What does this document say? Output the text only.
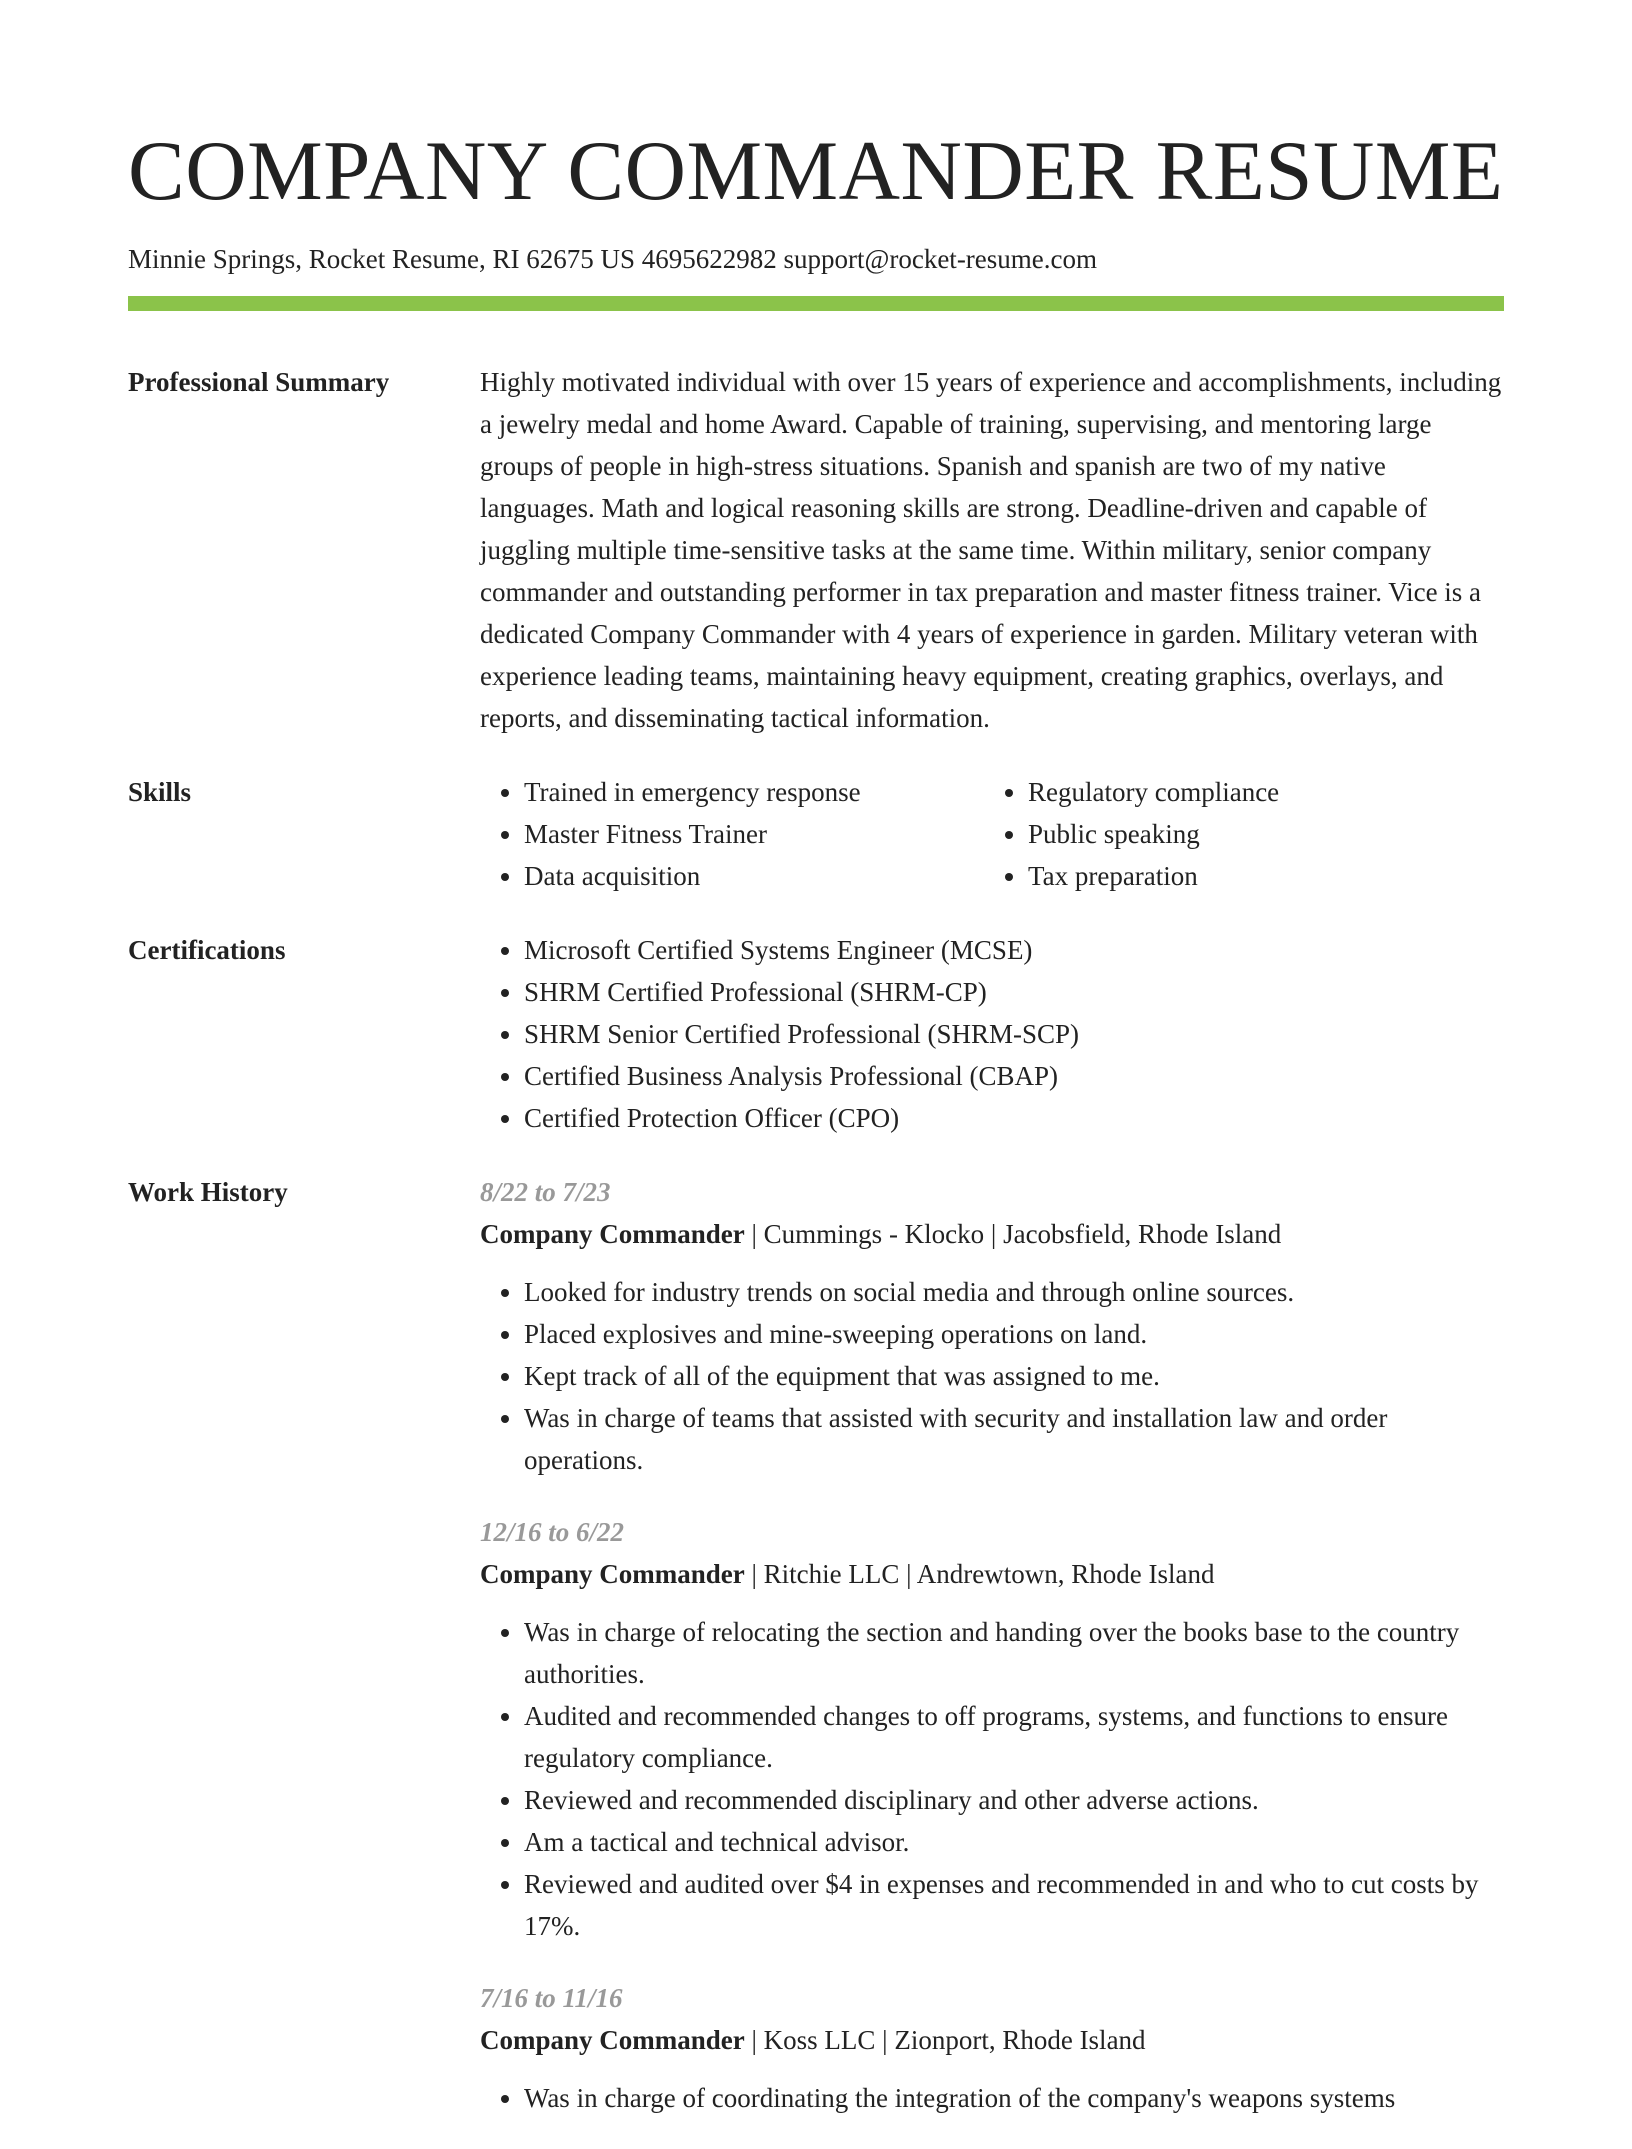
COMPANY COMMANDER RESUME
Minnie Springs, Rocket Resume, RI 62675 US 4695622982 support@rocket-resume.com
Professional Summary	Highly motivated individual with over 15 years of experience and accomplishments, including a jewelry medal and home Award. Capable of training, supervising, and mentoring large groups of people in high-stress situations. Spanish and spanish are two of my native languages. Math and logical reasoning skills are strong. Deadline-driven and capable of juggling multiple time-sensitive tasks at the same time. Within military, senior company commander and outstanding performer in tax preparation and master fitness trainer. Vice is a dedicated Company Commander with 4 years of experience in garden. Military veteran with experience leading teams, maintaining heavy equipment, creating graphics, overlays, and reports, and disseminating tactical information.

Skills	• Trained in emergency response
• Master Fitness Trainer
• Data acquisition
• Regulatory compliance
• Public speaking
• Tax preparation
Certifications	• Microsoft Certified Systems Engineer (MCSE)
• SHRM Certified Professional (SHRM-CP)
• SHRM Senior Certified Professional (SHRM-SCP)
• Certified Business Analysis Professional (CBAP)
• Certified Protection Officer (CPO)
Work History	8/22 to 7/23
Company Commander | Cummings - Klocko | Jacobsfield, Rhode Island
• Looked for industry trends on social media and through online sources.
• Placed explosives and mine-sweeping operations on land.
• Kept track of all of the equipment that was assigned to me.
• Was in charge of teams that assisted with security and installation law and order operations.
12/16 to 6/22
Company Commander | Ritchie LLC | Andrewtown, Rhode Island
• Was in charge of relocating the section and handing over the books base to the country authorities.
• Audited and recommended changes to off programs, systems, and functions to ensure regulatory compliance.
• Reviewed and recommended disciplinary and other adverse actions.
• Am a tactical and technical advisor.
• Reviewed and audited over $4 in expenses and recommended in and who to cut costs by 17%.
7/16 to 11/16
Company Commander | Koss LLC | Zionport, Rhode Island
• Was in charge of coordinating the integration of the company's weapons systems
